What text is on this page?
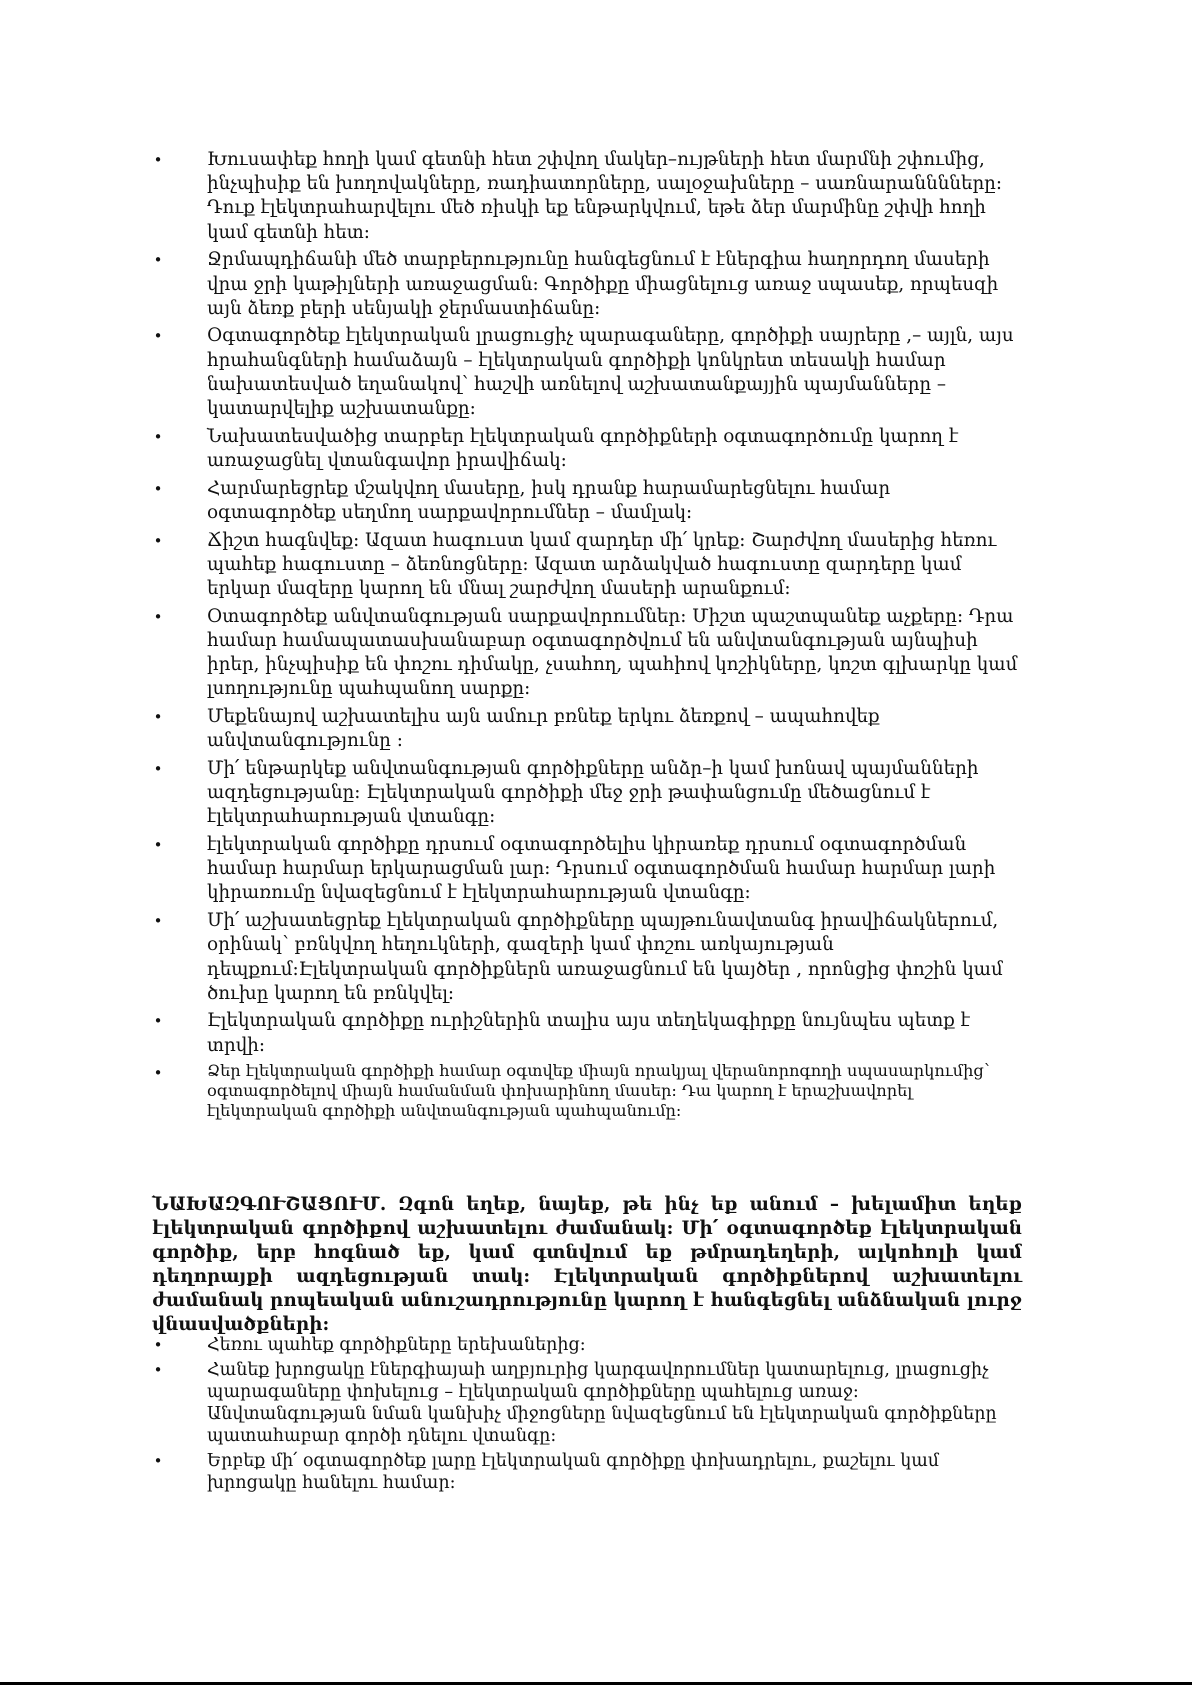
• Խուսափեք հողի կամ գետնի հետ շփվող մակեր–ույթների հետ մարմնի շփումից, ինչպիսիք են խողովակները, ռադիատորները, սալօջախները – սառնարանննները: Դուք էլեկտրահարվելու մեծ ռիսկի եք ենթարկվում, եթե ձեր մարմինը շփվի հողի կամ գետնի հետ:
• Ջրմապդիճանի մեծ տարբերությունը հանգեցնում է էներգիա հաղորդող մասերի վրա ջրի կաթիլների առաջացման: Գործիքը միացնելուց առաջ սպասեք, որպեսզի այն ձեռք բերի սենյակի ջերմաստիճանը:
• Օգտագործեք էլեկտրական լրացուցիչ պարագաները, գործիքի սայրերը ,– այլն, այս հրահանգների համաձայն – էլեկտրական գործիքի կոնկրետ տեսակի համար նախատեսված եղանակով՝ հաշվի առնելով աշխատանքայյին պայմանները – կատարվելիք աշխատանքը:
• Նախատեսվածից տարբեր էլեկտրական գործիքների օգտագործումը կարող է առաջացնել վտանգավոր իրավիճակ:
• Հարմարեցրեք մշակվող մասերը, իսկ դրանք հարամարեցնելու համար օգտագործեք սեղմող սարքավորումներ – մամլակ:
• Ճիշտ հագնվեք: Ազատ հագուստ կամ զարդեր մի՛ կրեք: Շարժվող մասերից հեռու պահեք հագուստը – ձեռնոցները: Ազատ արձակված հագուստը զարդերը կամ երկար մազերը կարող են մնալ շարժվող մասերի արանքում:
• Օտագործեք անվտանգության սարքավորումներ: Միշտ պաշտպանեք աչքերը: Դրա համար համապատասխանաբար օգտագործվում են անվտանգության այնպիսի իրեր, ինչպիսիք են փոշու դիմակը, չսահող, պահիով կոշիկները, կոշտ գլխարկը կամ լսողությունը պահպանող սարքը:
• Մեքենայով աշխատելիս այն ամուր բռնեք երկու ձեռքով – ապահովեք անվտանգությունը :
• Մի՛ ենթարկեք անվտանգության գործիքները անձր–ի կամ խոնավ պայմանների ազդեցությանը: Էլեկտրական գործիքի մեջ ջրի թափանցումը մեծացնում է էլեկտրահարության վտանգը:
• էլեկտրական գործիքը դրսում օգտագործելիս կիրառեք դրսում օգտագործման համար հարմար երկարացման լար: Դրսում օգտագործման համար հարմար լարի կիրառումը նվազեցնում է էլեկտրահարության վտանգը:
• Մի՛ աշխատեցրեք էլեկտրական գործիքները պայթունավտանգ իրավիճակներում, օրինակ՝ բռնկվող հեղուկների, գազերի կամ փոշու առկայության դեպքում:Էլեկտրական գործիքներն առաջացնում են կայծեր , որոնցից փոշին կամ ծուխը կարող են բռնկվել:
• Էլեկտրական գործիքը ուրիշներին տալիս այս տեղեկագիրքը նույնպես պետք է տրվի:
•	Ձեր էլեկտրական գործիքի համար օգտվեք միայն որակյալ վերանորոգողի սպասարկումից՝ օգտագործելով միայն համանման փոխարինող մասեր: Դա կարող է երաշխավորել էլեկտրական գործիքի անվտանգության պահպանումը:

ՆԱԽԱԶԳՈՒՇԱՑՈՒՄ. Զգոն եղեք, նայեք, թե ինչ եք անում – խելամիտ եղեք էլեկտրական գործիքով աշխատելու ժամանակ: Մի՛ օգտագործեք էլեկտրական գործիք, երբ հոգնած եք, կամ գտնվում եք թմրադեղերի, ալկոհոլի կամ դեղորայքի ազդեցության տակ: Էլեկտրական գործիքներով աշխատելու ժամանակ րոպեական անուշադրությունը կարող է հանգեցնել անձնական լուրջ վնասվածքների:

•	Հեռու պահեք գործիքները երեխաներից:
•	Հանեք խրոցակը էներգիայաի աղբյուրից կարգավորումներ կատարելուց, լրացուցիչ պարագաները փոխելուց – էլեկտրական գործիքները պահելուց առաջ: Անվտանգության նման կանխիչ միջոցները նվազեցնում են էլեկտրական գործիքները պատահաբար գործի դնելու վտանգը:
•	Երբեք մի՛ օգտագործեք լարը էլեկտրական գործիքը փոխադրելու, քաշելու կամ խրոցակը հանելու համար:
